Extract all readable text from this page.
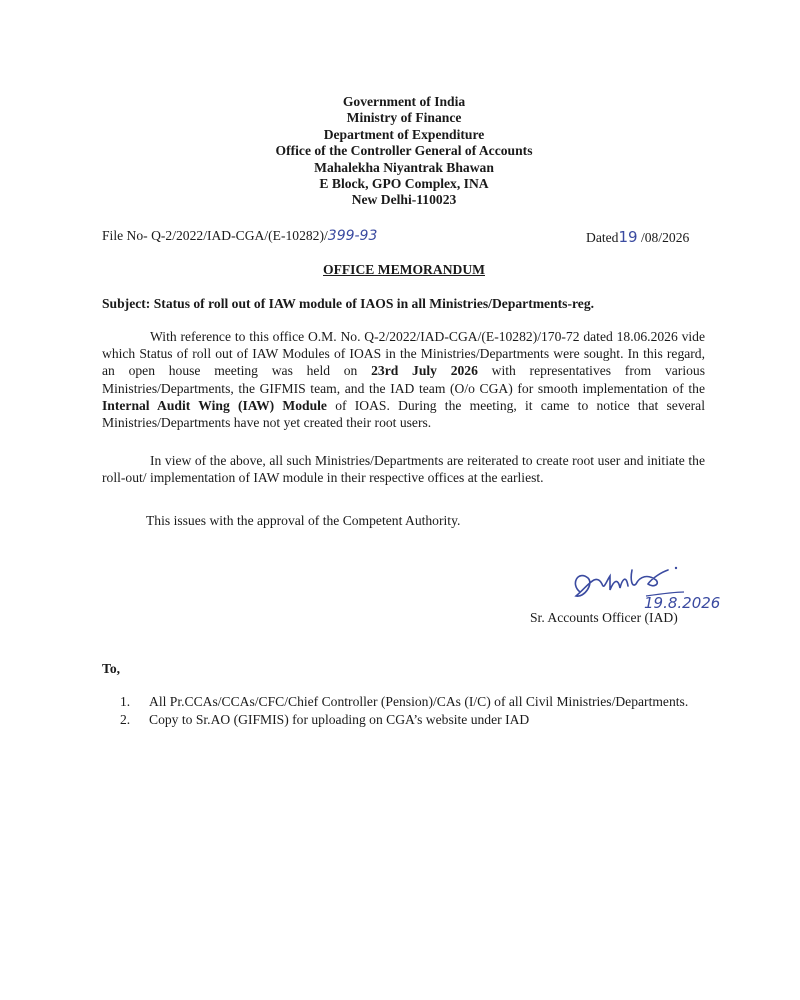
Government of India
Ministry of Finance
Department of Expenditure
Office of the Controller General of Accounts
Mahalekha Niyantrak Bhawan
E Block, GPO Complex, INA
New Delhi-110023
File No- Q-2/2022/IAD-CGA/(E-10282)/399-93	Dated19 /08/2026
OFFICE MEMORANDUM
Subject: Status of roll out of IAW module of IAOS in all Ministries/Departments-reg.
With reference to this office O.M. No. Q-2/2022/IAD-CGA/(E-10282)/170-72 dated 18.06.2026 vide which Status of roll out of IAW Modules of IOAS in the Ministries/Departments were sought. In this regard, an open house meeting was held on 23rd July 2026 with representatives from various Ministries/Departments, the GIFMIS team, and the IAD team (O/o CGA) for smooth implementation of the Internal Audit Wing (IAW) Module of IOAS. During the meeting, it came to notice that several Ministries/Departments have not yet created their root users.
In view of the above, all such Ministries/Departments are reiterated to create root user and initiate the roll-out/ implementation of IAW module in their respective offices at the earliest.
This issues with the approval of the Competent Authority.
19.8.2026
Sr. Accounts Officer (IAD)
To,
1.	All Pr.CCAs/CCAs/CFC/Chief Controller (Pension)/CAs (I/C) of all Civil Ministries/Departments.
2.	Copy to Sr.AO (GIFMIS) for uploading on CGA’s website under IAD
